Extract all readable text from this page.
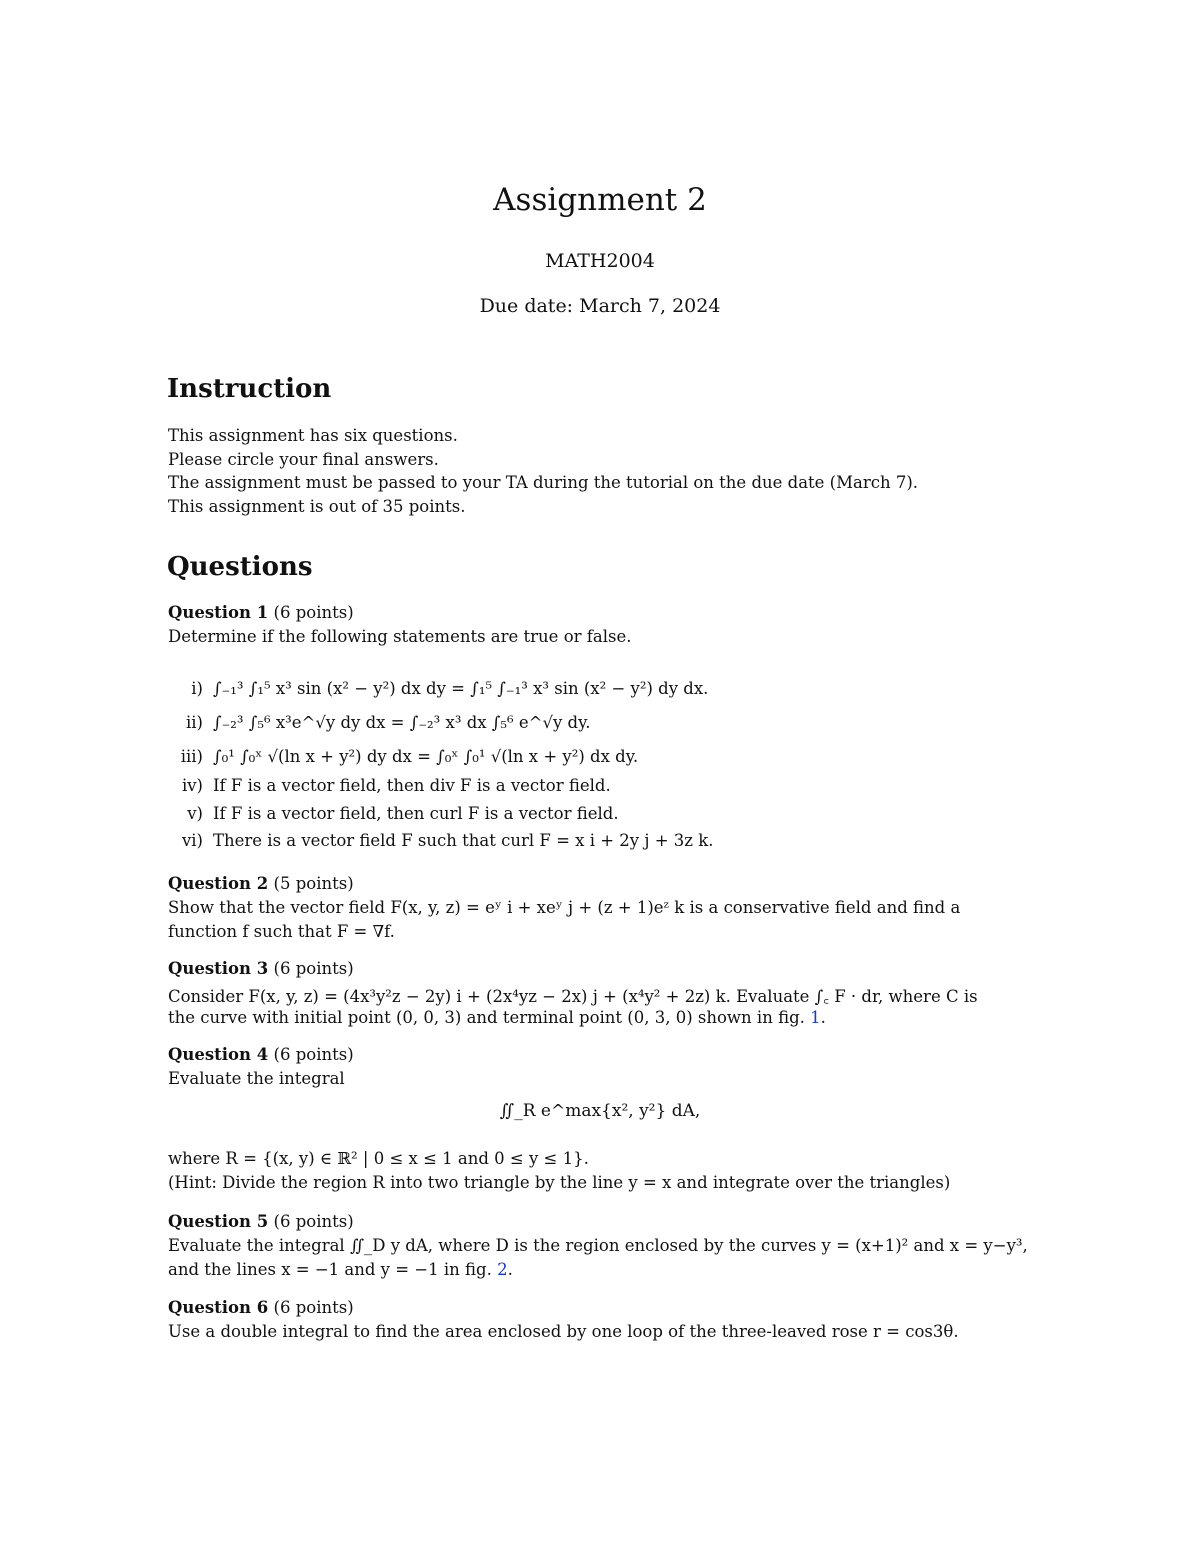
Assignment 2
MATH2004
Due date: March 7, 2024
Instruction
This assignment has six questions.
Please circle your final answers.
The assignment must be passed to your TA during the tutorial on the due date (March 7).
This assignment is out of 35 points.
Questions
Question 1 (6 points)
Determine if the following statements are true or false.
i) ∫₋₁³ ∫₁⁵ x³ sin (x² − y²) dx dy = ∫₁⁵ ∫₋₁³ x³ sin (x² − y²) dy dx.
ii) ∫₋₂³ ∫₅⁶ x³e^√y dy dx = ∫₋₂³ x³ dx ∫₅⁶ e^√y dy.
iii) ∫₀¹ ∫₀ˣ √(ln x + y²) dy dx = ∫₀ˣ ∫₀¹ √(ln x + y²) dx dy.
iv) If F is a vector field, then div F is a vector field.
v) If F is a vector field, then curl F is a vector field.
vi) There is a vector field F such that curl F = x i + 2y j + 3z k.
Question 2 (5 points)
Show that the vector field F(x, y, z) = eʸ i + xeʸ j + (z + 1)eᶻ k is a conservative field and find a
function f such that F = ∇f.
Question 3 (6 points)
Consider F(x, y, z) = (4x³y²z − 2y) i + (2x⁴yz − 2x) j + (x⁴y² + 2z) k. Evaluate ∫꜀ F · dr, where C is
the curve with initial point (0, 0, 3) and terminal point (0, 3, 0) shown in fig. 1.
Question 4 (6 points)
Evaluate the integral
∬_R e^max{x², y²} dA,
where R = {(x, y) ∈ ℝ² | 0 ≤ x ≤ 1 and 0 ≤ y ≤ 1}.
(Hint: Divide the region R into two triangle by the line y = x and integrate over the triangles)
Question 5 (6 points)
Evaluate the integral ∬_D y dA, where D is the region enclosed by the curves y = (x+1)² and x = y−y³,
and the lines x = −1 and y = −1 in fig. 2.
Question 6 (6 points)
Use a double integral to find the area enclosed by one loop of the three-leaved rose r = cos3θ.
